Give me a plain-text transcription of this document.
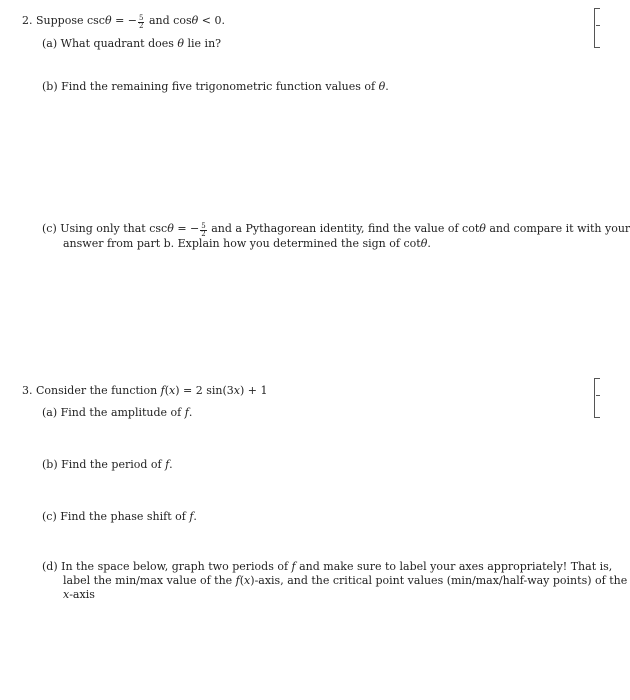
2. Suppose cscθ = − $\frac{5}{2}$ and cosθ < 0.
(a) What quadrant does θ lie in?
(b) Find the remaining five trigonometric function values of θ.
(c) Using only that cscθ = − $\frac{5}{2}$ and a Pythagorean identity, find the value of cotθ and compare it with your
answer from part b. Explain how you determined the sign of cotθ.
3. Consider the function f(x) = 2 sin(3x) + 1
(a) Find the amplitude of f.
(b) Find the period of f.
(c) Find the phase shift of f.
(d) In the space below, graph two periods of f and make sure to label your axes appropriately! That is,
label the min/max value of the f(x)-axis, and the critical point values (min/max/half-way points) of the
x-axis
